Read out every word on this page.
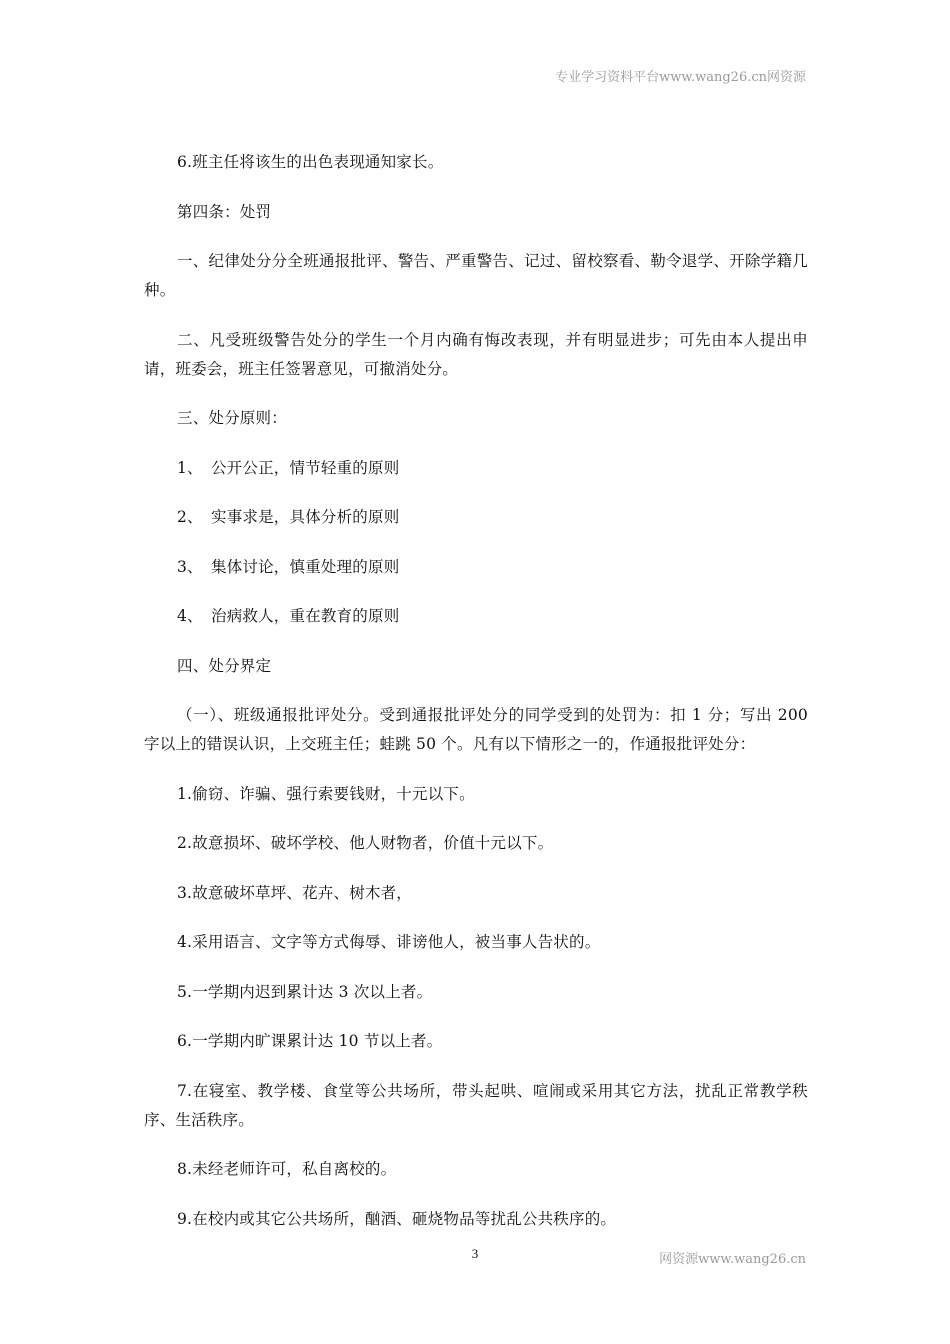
专业学习资料平台www.wang26.cn网资源

6.班主任将该生的出色表现通知家长。

第四条：处罚

一、纪律处分分全班通报批评、警告、严重警告、记过、留校察看、勒令退学、开除学籍几种。

二、凡受班级警告处分的学生一个月内确有悔改表现，并有明显进步；可先由本人提出申请，班委会，班主任签署意见，可撤消处分。

三、处分原则：

1、 公开公正，情节轻重的原则

2、 实事求是，具体分析的原则

3、 集体讨论，慎重处理的原则

4、 治病救人，重在教育的原则

四、处分界定

（一）、班级通报批评处分。受到通报批评处分的同学受到的处罚为：扣 1 分；写出 200 字以上的错误认识，上交班主任；蛙跳 50 个。凡有以下情形之一的，作通报批评处分：

1.偷窃、诈骗、强行索要钱财，十元以下。

2.故意损坏、破坏学校、他人财物者，价值十元以下。

3.故意破坏草坪、花卉、树木者，

4.采用语言、文字等方式侮辱、诽谤他人，被当事人告状的。

5.一学期内迟到累计达 3 次以上者。

6.一学期内旷课累计达 10 节以上者。

7.在寝室、教学楼、食堂等公共场所，带头起哄、喧闹或采用其它方法，扰乱正常教学秩序、生活秩序。

8.未经老师许可，私自离校的。

9.在校内或其它公共场所，酗酒、砸烧物品等扰乱公共秩序的。

3	网资源www.wang26.cn
